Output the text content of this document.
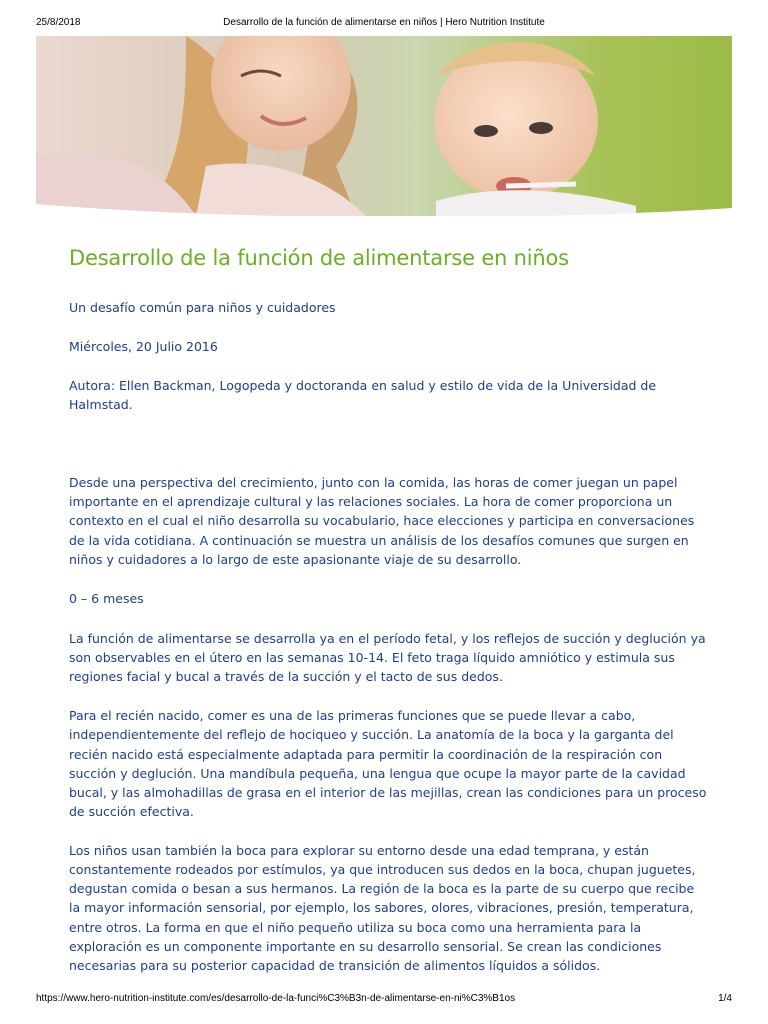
25/8/2018	Desarrollo de la función de alimentarse en niños | Hero Nutrition Institute
Desarrollo de la función de alimentarse en niños

Un desafío común para niños y cuidadores

Miércoles, 20 Julio 2016

Autora: Ellen Backman, Logopeda y doctoranda en salud y estilo de vida de la Universidad de Halmstad.

Desde una perspectiva del crecimiento, junto con la comida, las horas de comer juegan un papel importante en el aprendizaje cultural y las relaciones sociales. La hora de comer proporciona un contexto en el cual el niño desarrolla su vocabulario, hace elecciones y participa en conversaciones de la vida cotidiana. A continuación se muestra un análisis de los desafíos comunes que surgen en niños y cuidadores a lo largo de este apasionante viaje de su desarrollo.

0 – 6 meses

La función de alimentarse se desarrolla ya en el período fetal, y los reflejos de succión y deglución ya son observables en el útero en las semanas 10-14. El feto traga líquido amniótico y estimula sus regiones facial y bucal a través de la succión y el tacto de sus dedos.

Para el recién nacido, comer es una de las primeras funciones que se puede llevar a cabo, independientemente del reflejo de hociqueo y succión. La anatomía de la boca y la garganta del recién nacido está especialmente adaptada para permitir la coordinación de la respiración con succión y deglución. Una mandíbula pequeña, una lengua que ocupe la mayor parte de la cavidad bucal, y las almohadillas de grasa en el interior de las mejillas, crean las condiciones para un proceso de succión efectiva.

Los niños usan también la boca para explorar su entorno desde una edad temprana, y están constantemente rodeados por estímulos, ya que introducen sus dedos en la boca, chupan juguetes, degustan comida o besan a sus hermanos. La región de la boca es la parte de su cuerpo que recibe la mayor información sensorial, por ejemplo, los sabores, olores, vibraciones, presión, temperatura, entre otros. La forma en que el niño pequeño utiliza su boca como una herramienta para la exploración es un componente importante en su desarrollo sensorial. Se crean las condiciones necesarias para su posterior capacidad de transición de alimentos líquidos a sólidos.

https://www.hero-nutrition-institute.com/es/desarrollo-de-la-funci%C3%B3n-de-alimentarse-en-ni%C3%B1os	1/4
